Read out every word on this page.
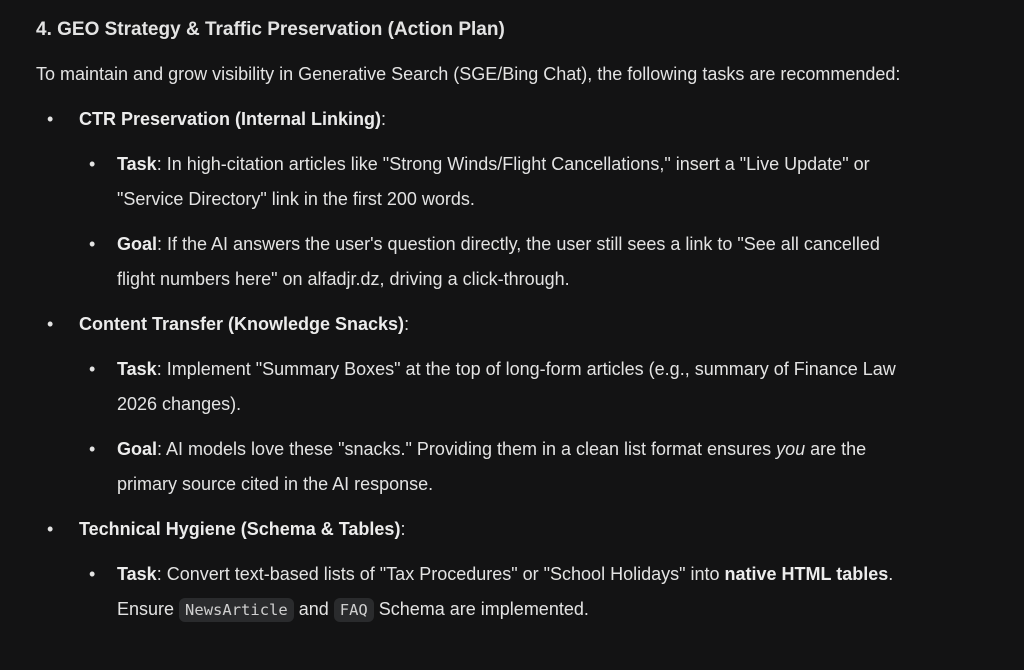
4. GEO Strategy & Traffic Preservation (Action Plan)

To maintain and grow visibility in Generative Search (SGE/Bing Chat), the following tasks are recommended:

• CTR Preservation (Internal Linking):
• Task: In high-citation articles like "Strong Winds/Flight Cancellations," insert a "Live Update" or "Service Directory" link in the first 200 words.
• Goal: If the AI answers the user's question directly, the user still sees a link to "See all cancelled flight numbers here" on alfadjr.dz, driving a click-through.
• Content Transfer (Knowledge Snacks):
• Task: Implement "Summary Boxes" at the top of long-form articles (e.g., summary of Finance Law 2026 changes).
• Goal: AI models love these "snacks." Providing them in a clean list format ensures you are the primary source cited in the AI response.
• Technical Hygiene (Schema & Tables):
• Task: Convert text-based lists of "Tax Procedures" or "School Holidays" into native HTML tables. Ensure NewsArticle and FAQ Schema are implemented.
